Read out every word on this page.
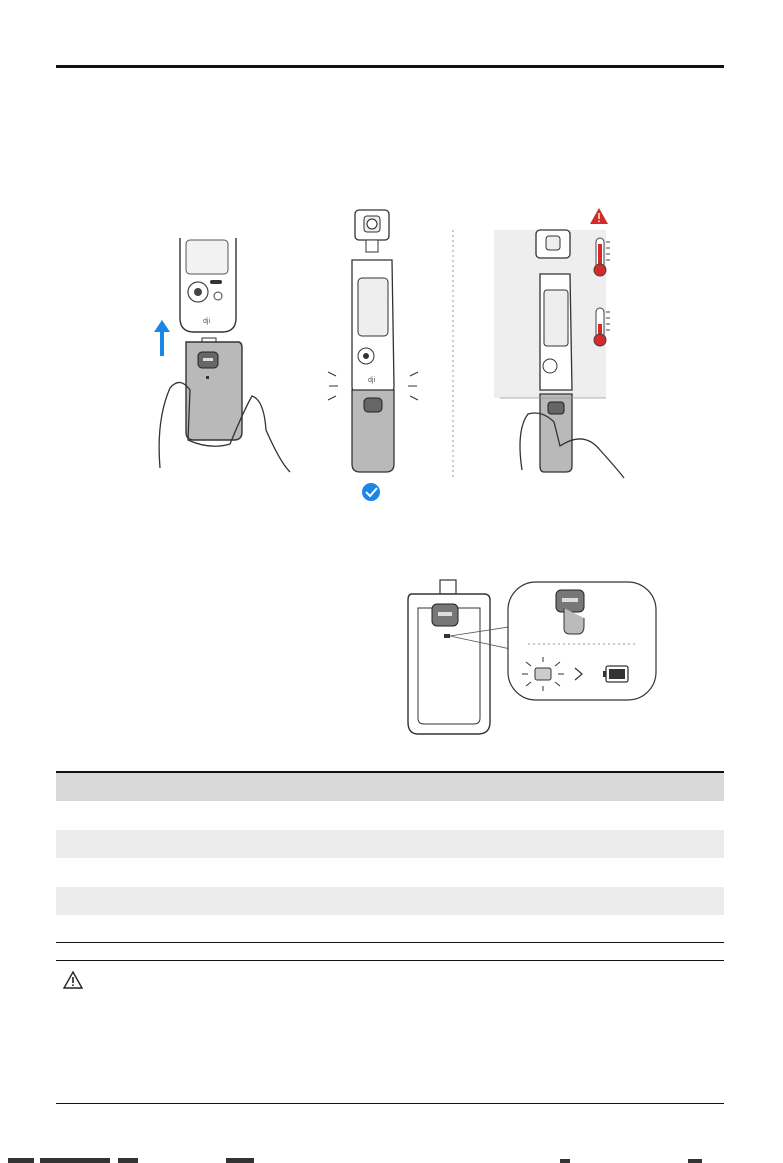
dji
dji
